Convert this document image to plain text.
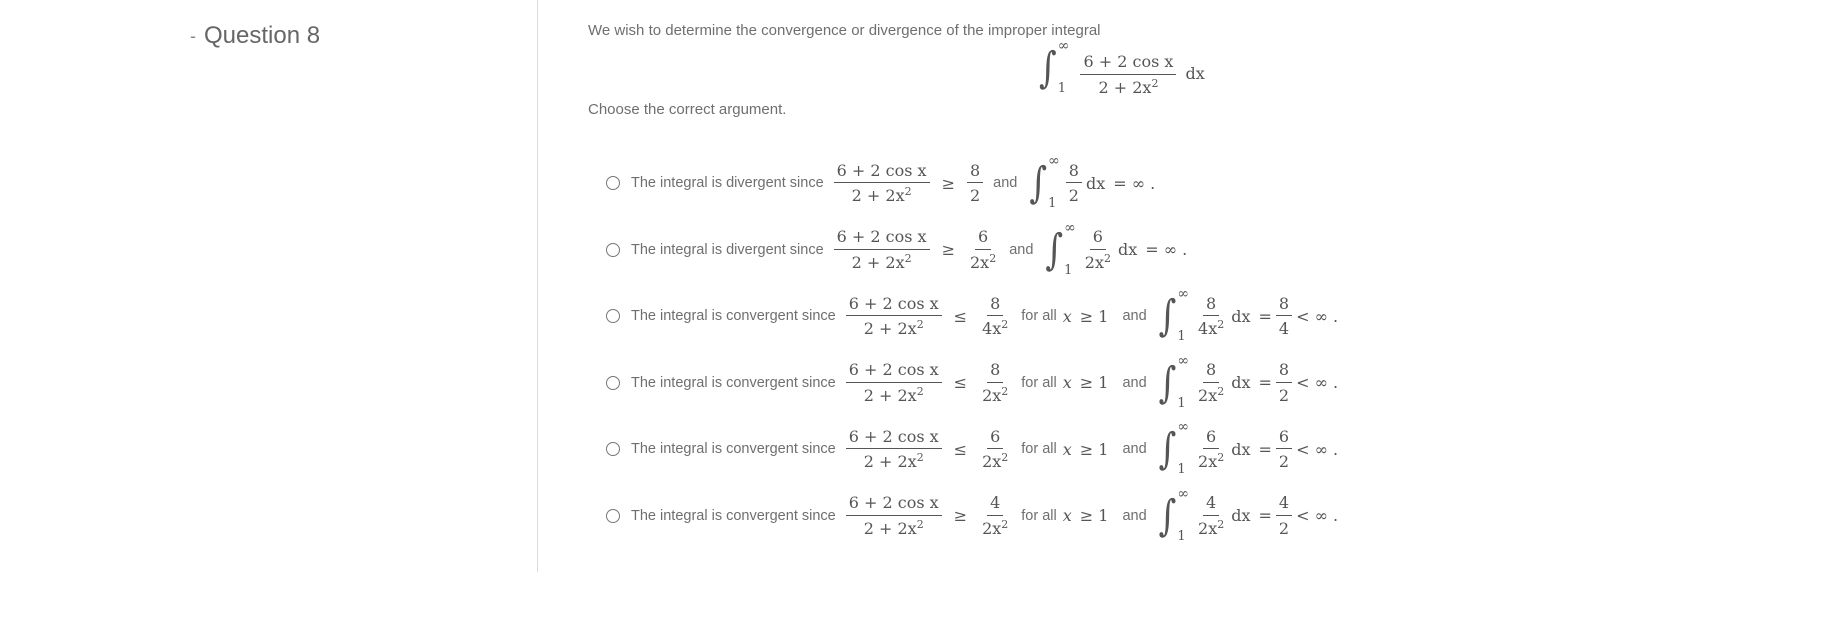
- Question 8	We wish to determine the convergence or divergence of the improper integral
∫ ∞
1
$\frac{\text{6 + 2 cos x}}{2 + 2x^2}$ dx
Choose the correct argument.
The integral is divergent since $\frac{\text{6 + 2 cos x}}{2 + 2x^2} \ge \frac{8}{2}$ and ∫ ∞
$1 \frac{8}{2}$ dx = ∞ .
The integral is divergent since $\frac{\text{6 + 2 cos x}}{2 + 2x^2} \ge \frac{6}{2x^2}$ and ∫ ∞
$1 \frac{6}{2x^2}$ dx = ∞ .
The integral is convergent since $\frac{\text{6 + 2 cos x}}{2 + 2x^2} \le \frac{8}{4x^2}$ for all x ≥ 1 and ∫ ∞
$1 \frac{8}{4x^2}$ dx = $\frac{8}{4}$ < ∞ .
The integral is convergent since $\frac{\text{6 + 2 cos x}}{2 + 2x^2} \le \frac{8}{2x^2}$ for all x ≥ 1 and ∫ ∞
$1 \frac{8}{2x^2}$ dx = $\frac{8}{2}$ < ∞ .
The integral is convergent since $\frac{\text{6 + 2 cos x}}{2 + 2x^2} \le \frac{6}{2x^2}$ for all x ≥ 1 and ∫ ∞
$1 \frac{6}{2x^2}$ dx = $\frac{6}{2}$ < ∞ .
The integral is convergent since $\frac{\text{6 + 2 cos x}}{2 + 2x^2} \ge \frac{4}{2x^2}$ for all x ≥ 1 and ∫ ∞
$1 \frac{4}{2x^2}$ dx = $\frac{4}{2}$ < ∞ .
